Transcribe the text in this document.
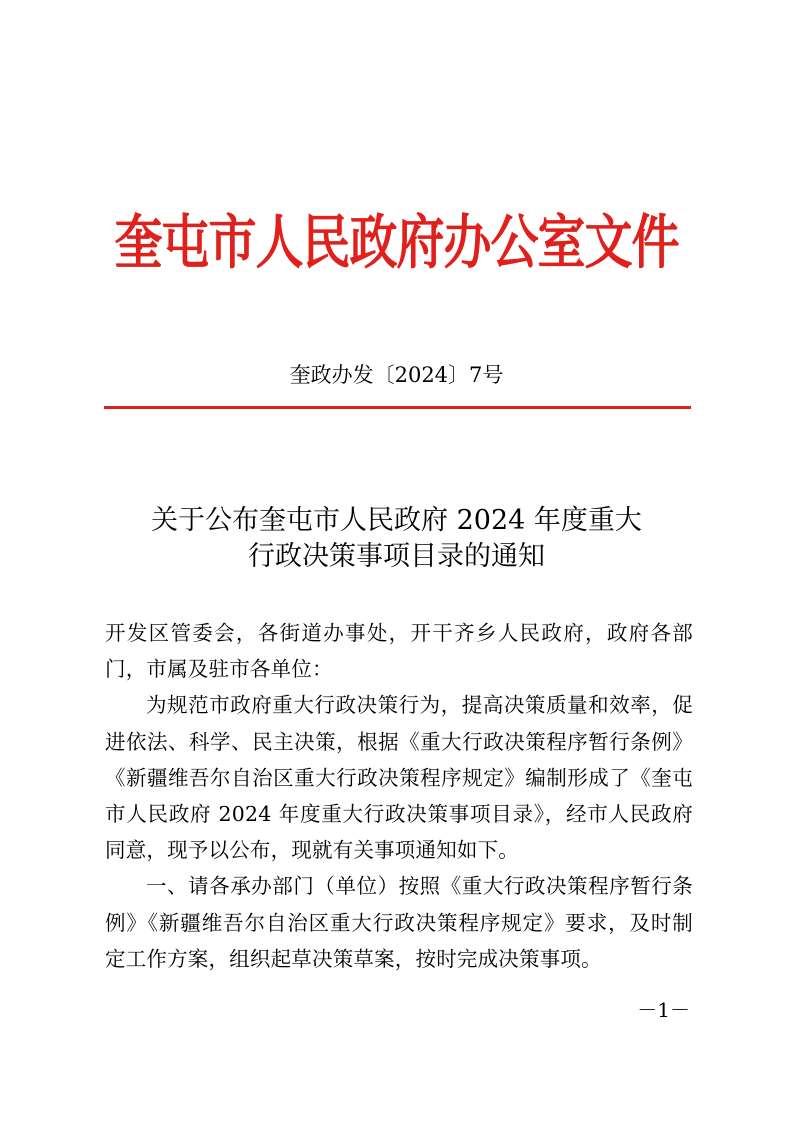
奎屯市人民政府办公室文件
奎政办发〔2024〕7号
关于公布奎屯市人民政府 2024 年度重大
行政决策事项目录的通知

开发区管委会，各街道办事处，开干齐乡人民政府，政府各部门，市属及驻市各单位：

为规范市政府重大行政决策行为，提高决策质量和效率，促进依法、科学、民主决策，根据《重大行政决策程序暂行条例》《新疆维吾尔自治区重大行政决策程序规定》编制形成了《奎屯市人民政府 2024 年度重大行政决策事项目录》，经市人民政府同意，现予以公布，现就有关事项通知如下。

一、请各承办部门（单位）按照《重大行政决策程序暂行条例》《新疆维吾尔自治区重大行政决策程序规定》要求，及时制定工作方案，组织起草决策草案，按时完成决策事项。

－1－
